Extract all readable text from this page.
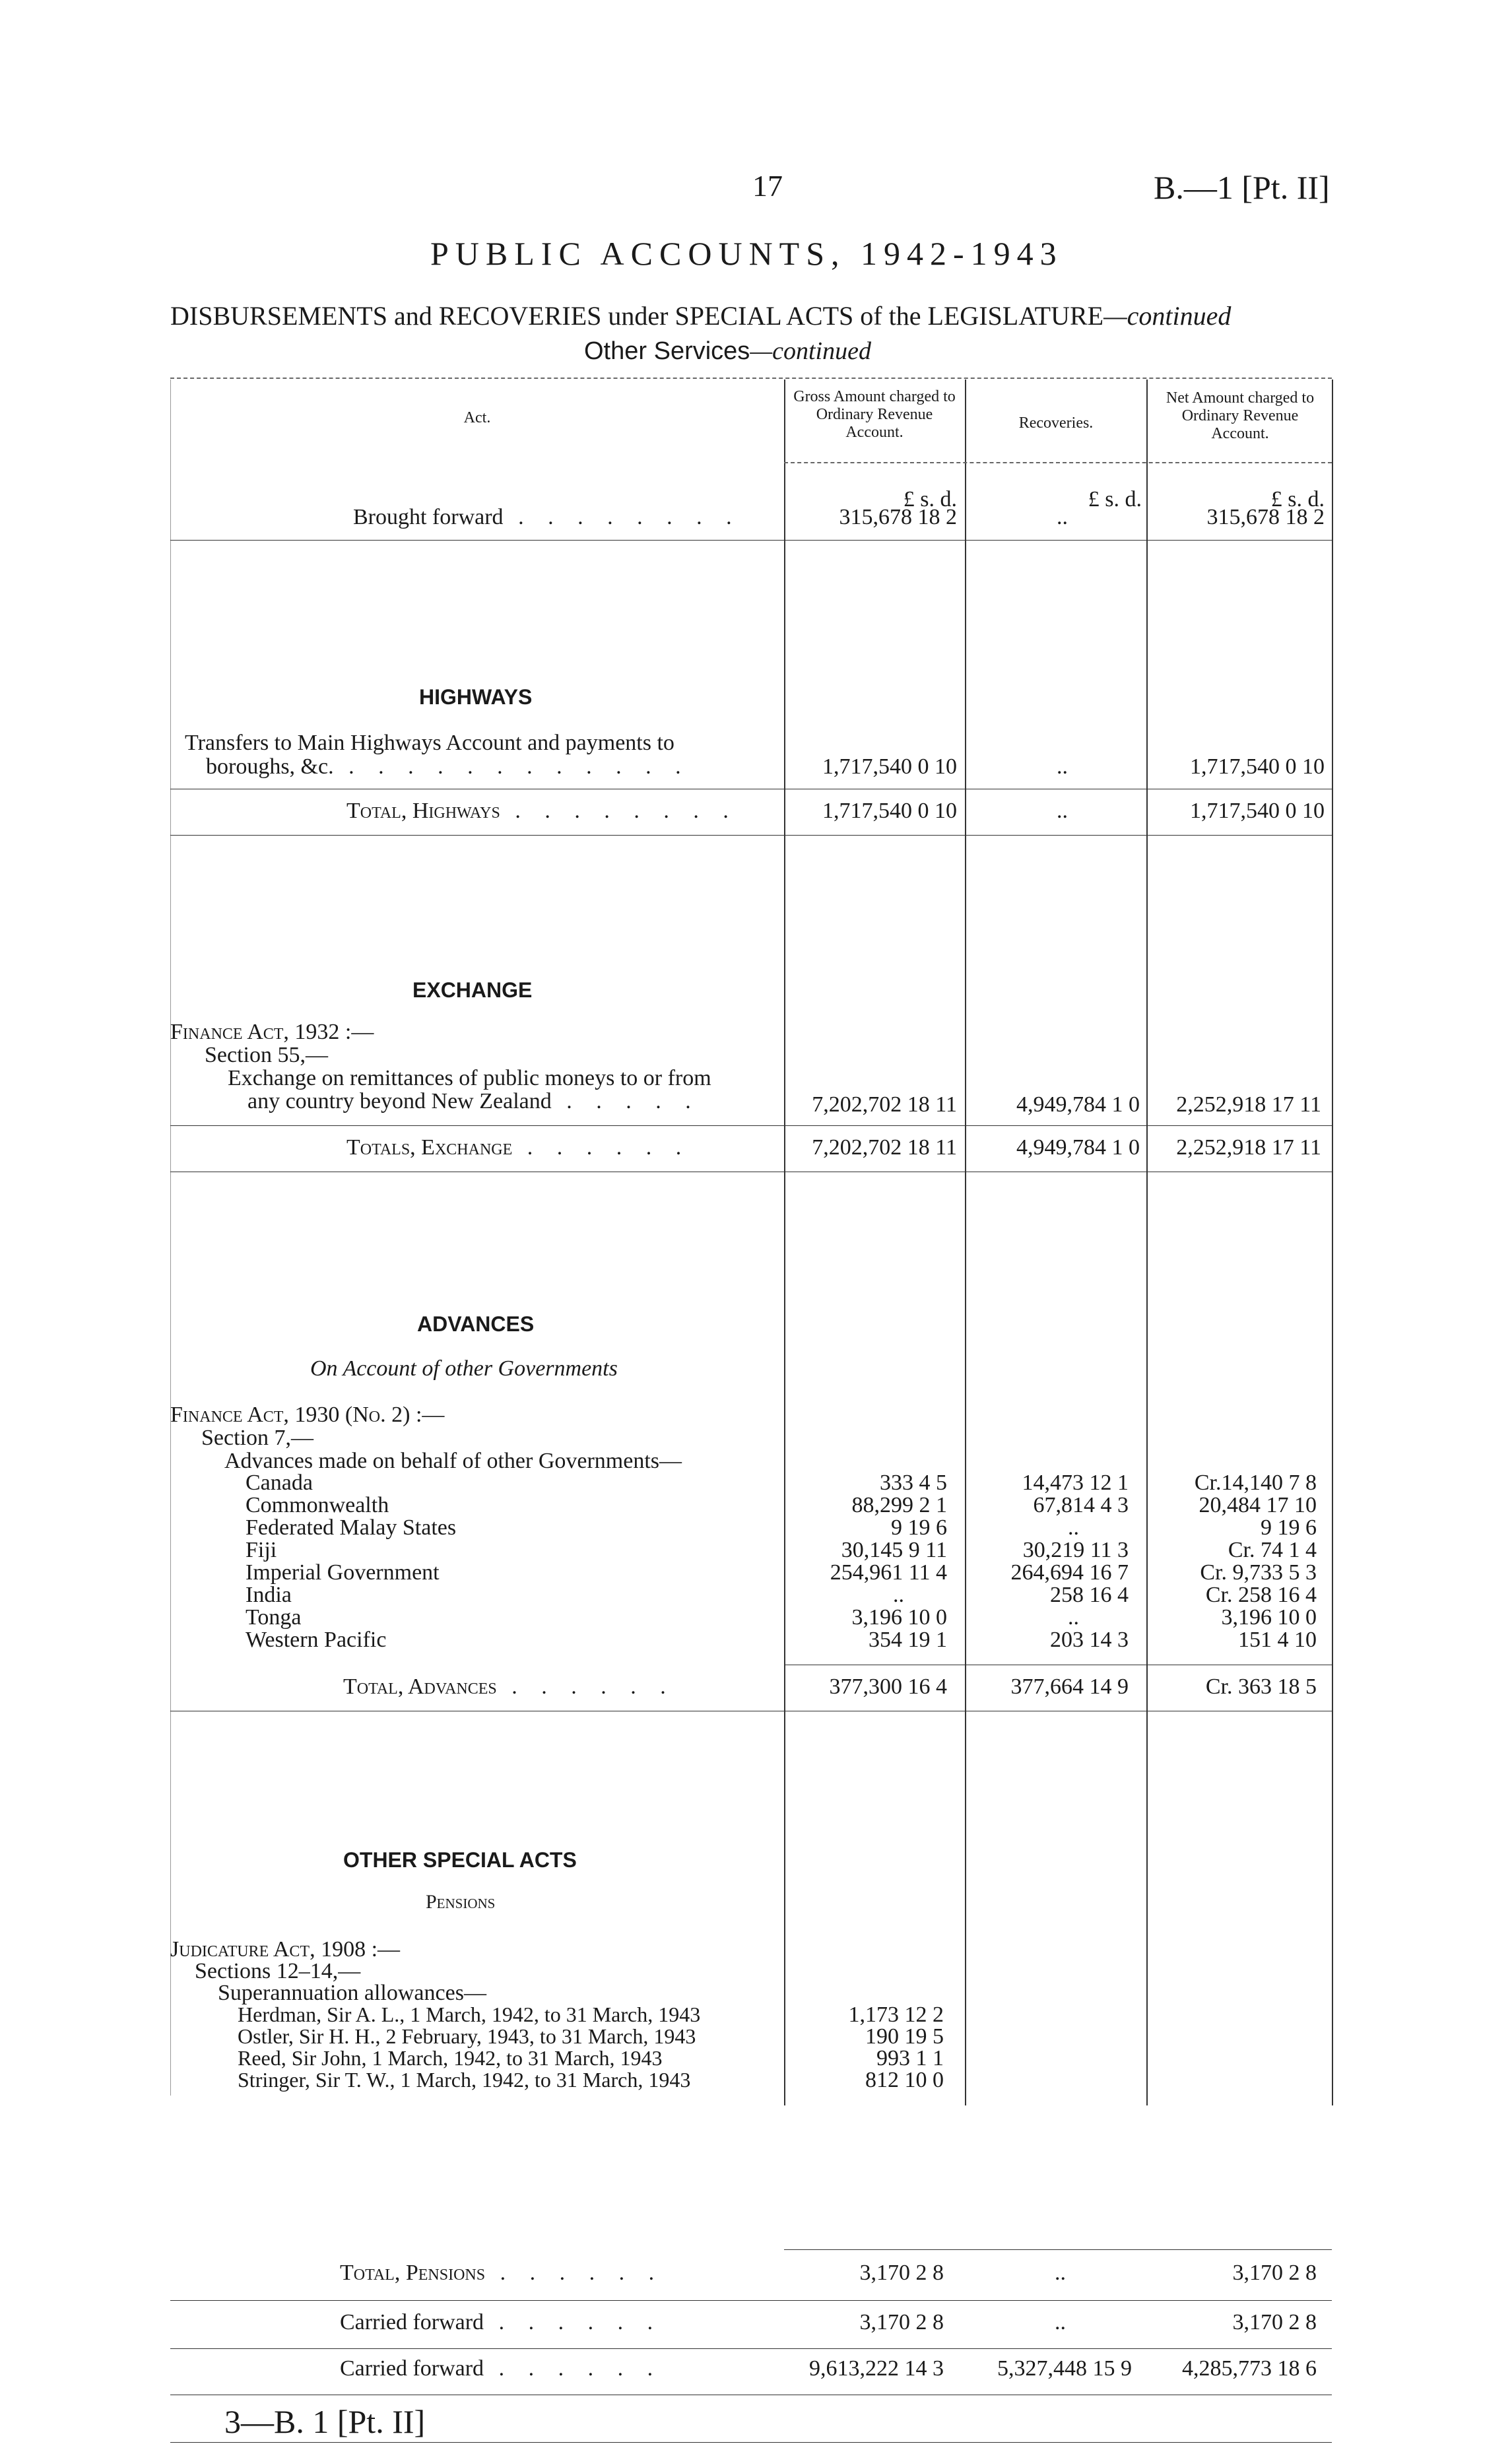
17	B.—1 [Pt. II]
PUBLIC ACCOUNTS, 1942-1943
DISBURSEMENTS and RECOVERIES under SPECIAL ACTS of the LEGISLATURE—continued
Other Services—continued
Act.
Gross Amount charged to Ordinary Revenue Account.
Recoveries.
Net Amount charged to Ordinary Revenue Account.
£ s. d.	£ s. d.	£ s. d.
Brought forward . . . . . . . .	315,678 18 2	..	315,678 18 2
HIGHWAYS
Transfers to Main Highways Account and payments to
boroughs, &c. . . . . . . . . . . . .	1,717,540 0 10	..	1,717,540 0 10
Total, Highways . . . . . . . .	1,717,540 0 10	..	1,717,540 0 10
EXCHANGE
Finance Act, 1932 :—
Section 55,—
Exchange on remittances of public moneys to or from
any country beyond New Zealand . . . . .	7,202,702 18 11	4,949,784 1 0	2,252,918 17 11
Totals, Exchange . . . . . .	7,202,702 18 11	4,949,784 1 0	2,252,918 17 11
ADVANCES
On Account of other Governments
Finance Act, 1930 (No. 2) :—
Section 7,—
Advances made on behalf of other Governments—
Canada	333 4 5	14,473 12 1	Cr.14,140 7 8
Commonwealth	88,299 2 1	67,814 4 3	20,484 17 10
Federated Malay States	9 19 6	..	9 19 6
Fiji	30,145 9 11	30,219 11 3	Cr. 74 1 4
Imperial Government	254,961 11 4	264,694 16 7	Cr. 9,733 5 3
India	..	258 16 4	Cr. 258 16 4
Tonga	3,196 10 0	..	3,196 10 0
Western Pacific	354 19 1	203 14 3	151 4 10
Total, Advances . . . . . .	377,300 16 4	377,664 14 9	Cr. 363 18 5
OTHER SPECIAL ACTS
Pensions
Judicature Act, 1908 :—
Sections 12–14,—
Superannuation allowances—
Herdman, Sir A. L., 1 March, 1942, to 31 March, 1943	1,173 12 2
Ostler, Sir H. H., 2 February, 1943, to 31 March, 1943	190 19 5
Reed, Sir John, 1 March, 1942, to 31 March, 1943	993 1 1
Stringer, Sir T. W., 1 March, 1942, to 31 March, 1943	812 10 0
Total, Pensions . . . . . .	3,170 2 8	..	3,170 2 8
Carried forward . . . . . .	3,170 2 8	..	3,170 2 8
Carried forward . . . . . .	9,613,222 14 3	5,327,448 15 9	4,285,773 18 6
3—B. 1 [Pt. II]
